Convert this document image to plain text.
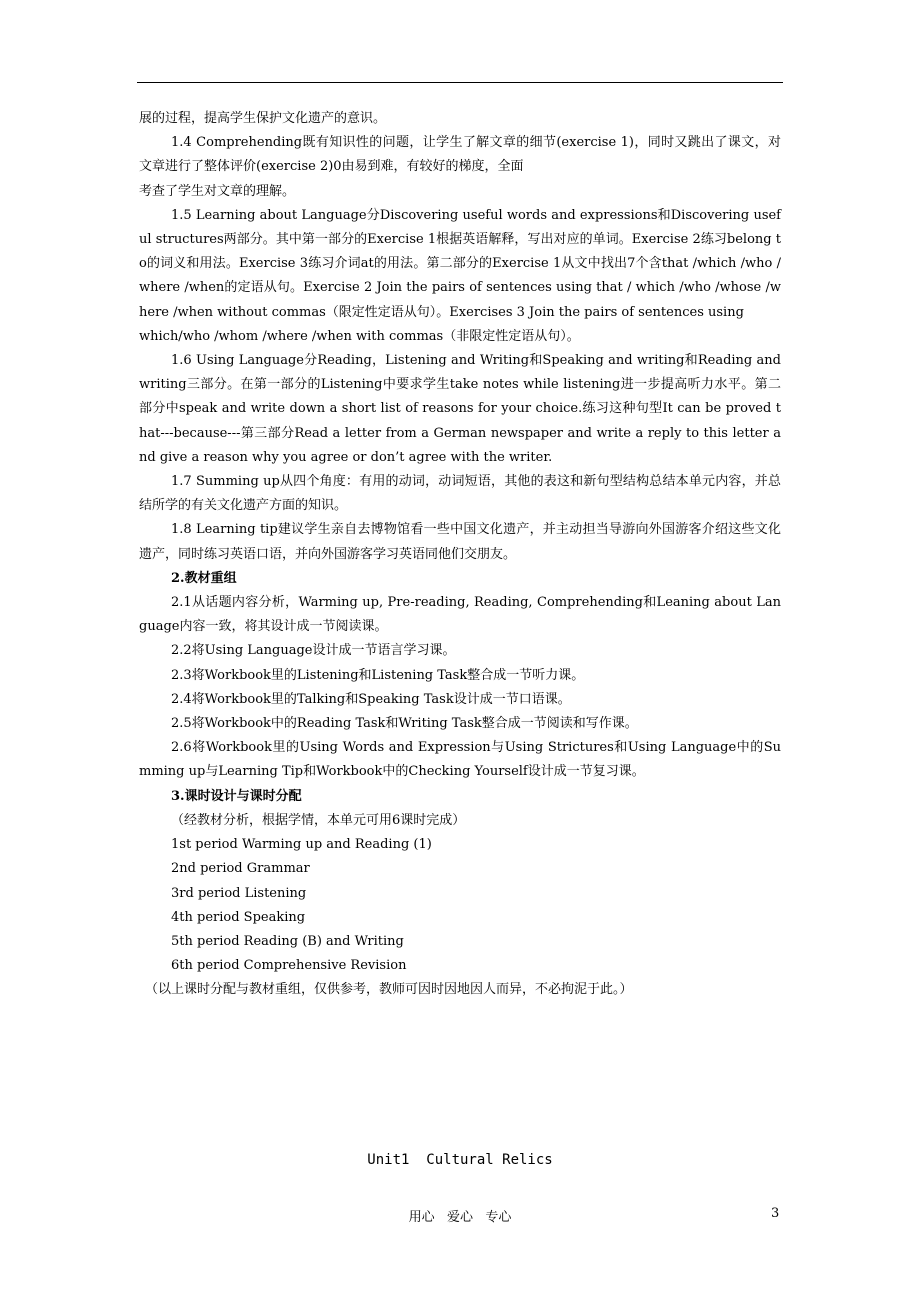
展的过程，提高学生保护文化遗产的意识。

1.4 Comprehending既有知识性的问题，让学生了解文章的细节(exercise 1)，同时又跳出了课文，对文章进行了整体评价(exercise 2)0由易到难，有较好的梯度，全面

考查了学生对文章的理解。

1.5 Learning about Language分Discovering useful words and expressions和Discovering useful structures两部分。其中第一部分的Exercise 1根据英语解释，写出对应的单词。Exercise 2练习belong to的词义和用法。Exercise 3练习介词at的用法。第二部分的Exercise 1从文中找出7个含that /which /who /where /when的定语从句。Exercise 2 Join the pairs of sentences using that / which /who /whose /where /when without commas（限定性定语从句）。Exercises 3 Join the pairs of sentences using

which/who /whom /where /when with commas（非限定性定语从句）。

1.6 Using Language分Reading，Listening and Writing和Speaking and writing和Reading and writing三部分。在第一部分的Listening中要求学生take notes while listening进一步提高听力水平。第二部分中speak and write down a short list of reasons for your choice.练习这种句型It can be proved that---because---第三部分Read a letter from a German newspaper and write a reply to this letter and give a reason why you agree or don’t agree with the writer.

1.7 Summing up从四个角度：有用的动词，动词短语，其他的表这和新句型结构总结本单元内容，并总结所学的有关文化遗产方面的知识。

1.8 Learning tip建议学生亲自去博物馆看一些中国文化遗产，并主动担当导游向外国游客介绍这些文化遗产，同时练习英语口语，并向外国游客学习英语同他们交朋友。

2.教材重组

2.1从话题内容分析，Warming up, Pre-reading, Reading, Comprehending和Leaning about Language内容一致，将其设计成一节阅读课。

2.2将Using Language设计成一节语言学习课。

2.3将Workbook里的Listening和Listening Task整合成一节听力课。

2.4将Workbook里的Talking和Speaking Task设计成一节口语课。

2.5将Workbook中的Reading Task和Writing Task整合成一节阅读和写作课。

2.6将Workbook里的Using Words and Expression与Using Strictures和Using Language中的Summing up与Learning Tip和Workbook中的Checking Yourself设计成一节复习课。

3.课时设计与课时分配

（经教材分析，根据学情，本单元可用6课时完成）

1st period Warming up and Reading (1)

2nd period Grammar

3rd period Listening

4th period Speaking

5th period Reading (B) and Writing

6th period Comprehensive Revision

（以上课时分配与教材重组，仅供参考，教师可因时因地因人而异，不必拘泥于此。）

Unit1  Cultural Relics
用心   爱心   专心	3
